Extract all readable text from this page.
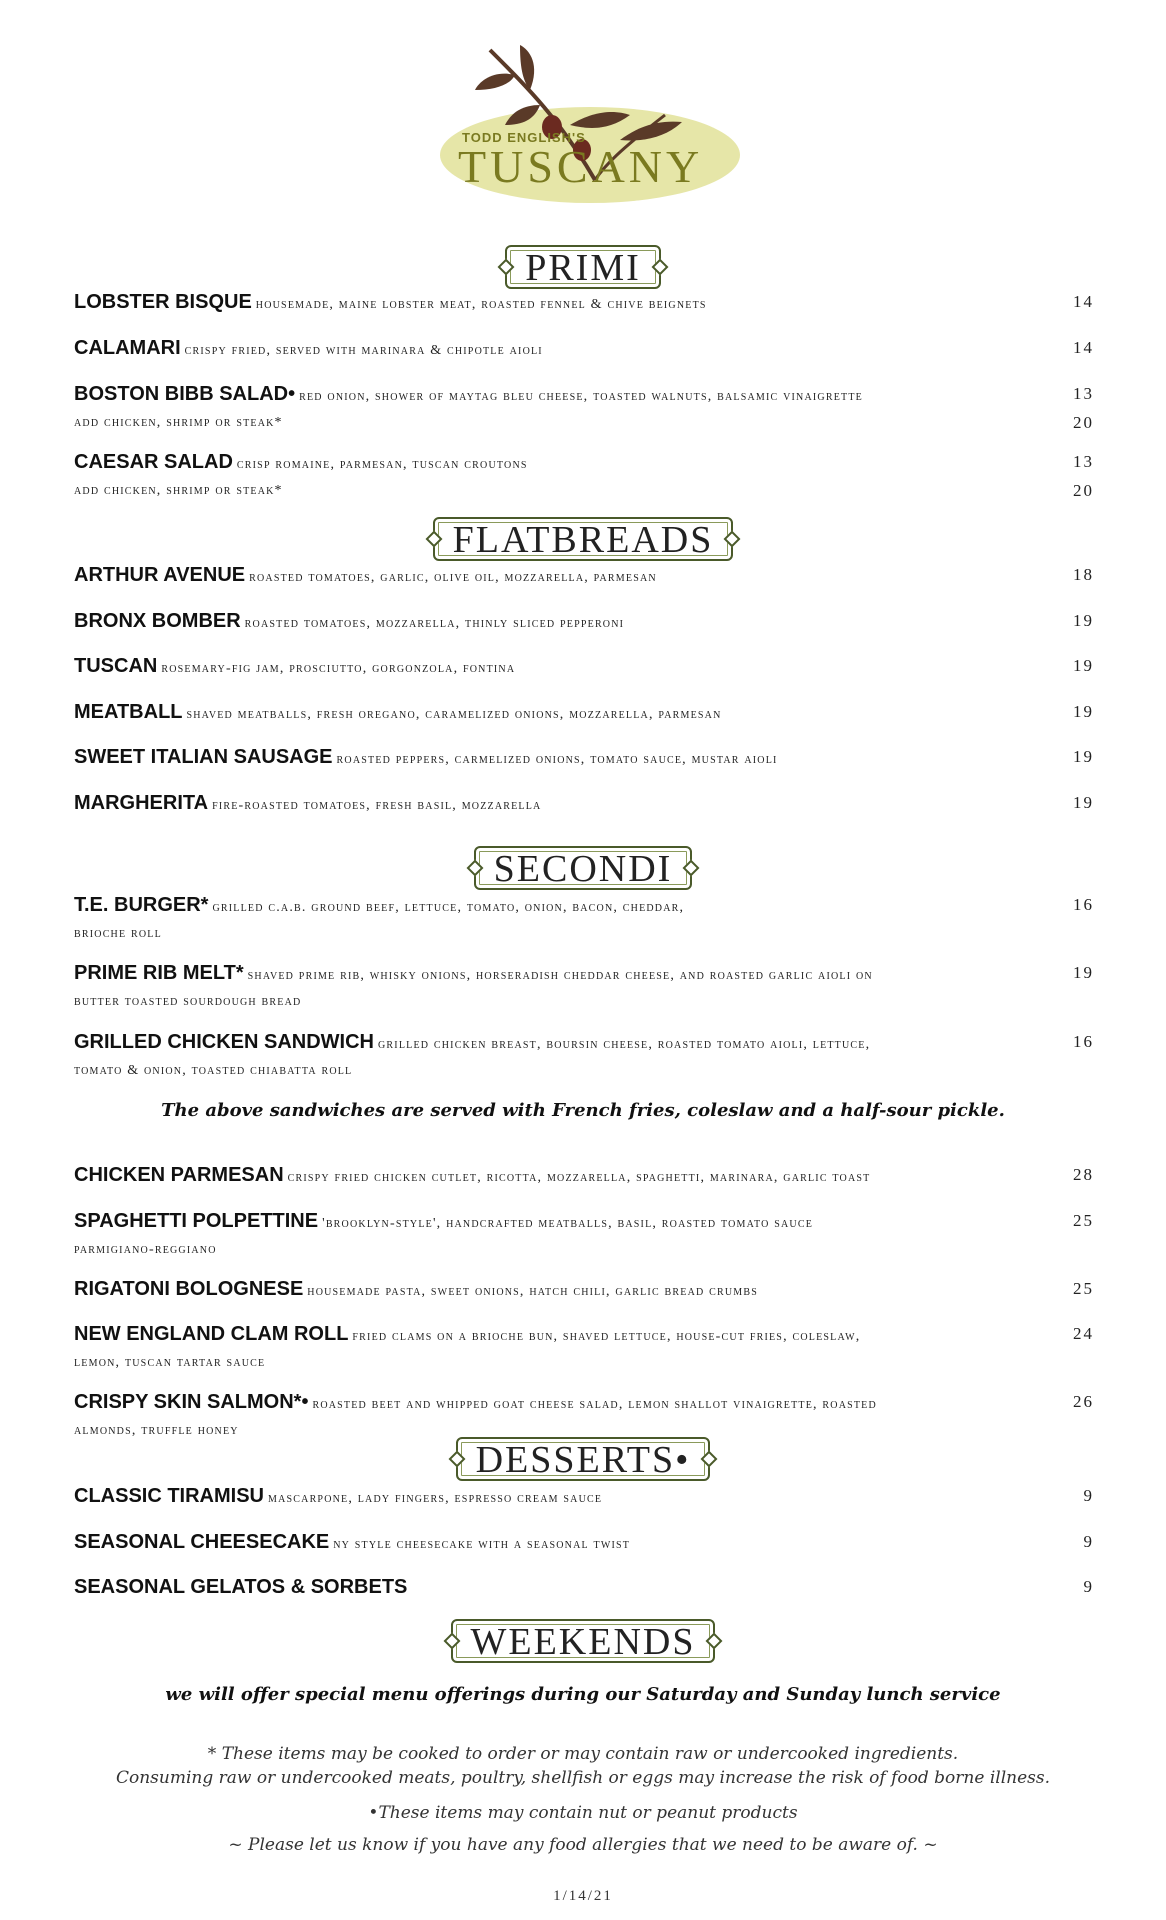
TODD ENGLISH'S
TUSCANY
PRIMI
LOBSTER BISQUE housemade, maine lobster meat, roasted fennel & chive beignets	14
CALAMARI crispy fried, served with marinara & chipotle aioli	14
BOSTON BIBB SALAD• red onion, shower of maytag bleu cheese, toasted walnuts, balsamic vinaigrette	13
add chicken, shrimp or steak*	20
CAESAR SALAD crisp romaine, parmesan, tuscan croutons	13
add chicken, shrimp or steak*	20
FLATBREADS
ARTHUR AVENUE roasted tomatoes, garlic, olive oil, mozzarella, parmesan	18
BRONX BOMBER roasted tomatoes, mozzarella, thinly sliced pepperoni	19
TUSCAN rosemary-fig jam, prosciutto, gorgonzola, fontina	19
MEATBALL shaved meatballs, fresh oregano, caramelized onions, mozzarella, parmesan	19
SWEET ITALIAN SAUSAGE roasted peppers, carmelized onions, tomato sauce, mustar aioli	19
MARGHERITA fire-roasted tomatoes, fresh basil, mozzarella	19
SECONDI
T.E. BURGER* grilled c.a.b. ground beef, lettuce, tomato, onion, bacon, cheddar,	16
brioche roll
PRIME RIB MELT* shaved prime rib, whisky onions, horseradish cheddar cheese, and roasted garlic aioli on	19
butter toasted sourdough bread
GRILLED CHICKEN SANDWICH grilled chicken breast, boursin cheese, roasted tomato aioli, lettuce,	16
tomato & onion, toasted chiabatta roll
The above sandwiches are served with French fries, coleslaw and a half-sour pickle.
CHICKEN PARMESAN crispy fried chicken cutlet, ricotta, mozzarella, spaghetti, marinara, garlic toast	28
SPAGHETTI POLPETTINE 'brooklyn-style', handcrafted meatballs, basil, roasted tomato sauce	25
parmigiano-reggiano
RIGATONI BOLOGNESE housemade pasta, sweet onions, hatch chili, garlic bread crumbs	25
NEW ENGLAND CLAM ROLL fried clams on a brioche bun, shaved lettuce, house-cut fries, coleslaw,	24
lemon, tuscan tartar sauce
CRISPY SKIN SALMON*• roasted beet and whipped goat cheese salad, lemon shallot vinaigrette, roasted	26
almonds, truffle honey
DESSERTS•
CLASSIC TIRAMISU mascarpone, lady fingers, espresso cream sauce	9
SEASONAL CHEESECAKE ny style cheesecake with a seasonal twist	9
SEASONAL GELATOS & SORBETS	9
WEEKENDS
we will offer special menu offerings during our Saturday and Sunday lunch service
* These items may be cooked to order or may contain raw or undercooked ingredients.
Consuming raw or undercooked meats, poultry, shellfish or eggs may increase the risk of food borne illness.
•These items may contain nut or peanut products
~ Please let us know if you have any food allergies that we need to be aware of. ~
1/14/21
